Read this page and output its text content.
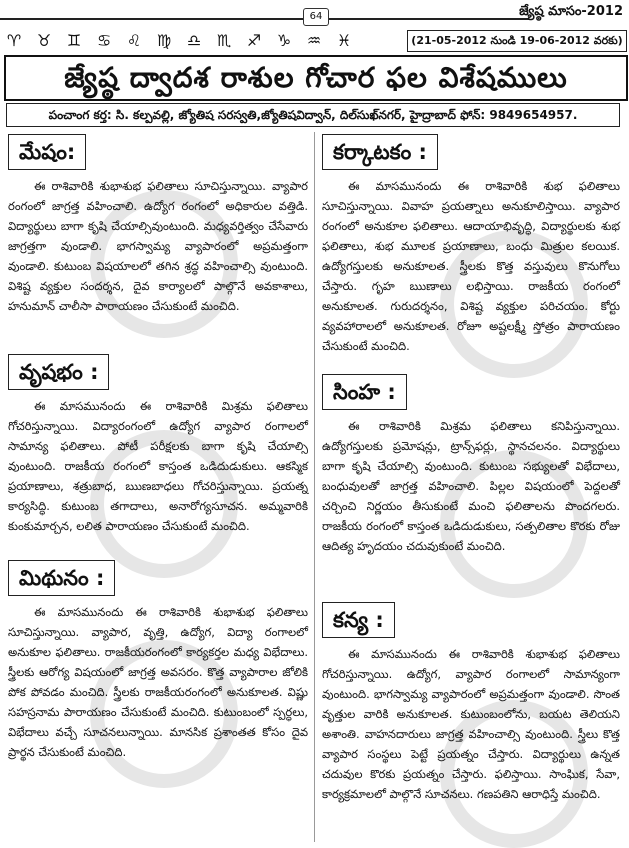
64	జ్యేష్ఠ మాసం-2012
♈ ♉ ♊ ♋ ♌ ♍ ♎ ♏ ♐ ♑ ♒ ♓	(21-05-2012 నుండి 19-06-2012 వరకు)
జ్యేష్ఠ ద్వాదశ రాశుల గోచార ఫల విశేషములు
పంచాంగ కర్త: సి. కల్పవల్లి, జ్యోతిష సరస్వతి,జ్యోతిషవిద్వాన్, దిల్‌సుఖ్‌నగర్, హైద్రాబాద్ ఫోన్: 9849654957.
మేషం:

ఈ రాశివారికి శుభాశుభ ఫలితాలు సూచిస్తున్నాయి. వ్యాపార రంగంలో జాగ్రత్త వహించాలి. ఉద్యోగ రంగంలో అధికారుల వత్తిడి. విద్యార్థులు బాగా కృషి చేయాల్సివుంటుంది. మధ్యవర్తిత్వం చేసేవారు జాగ్రత్తగా వుండాలి. భాగస్వామ్య వ్యాపారంలో అప్రమత్తంగా వుండాలి. కుటుంబ విషయాలలో తగిన శ్రద్ధ వహించాల్సి వుంటుంది. విశిష్ట వ్యక్తుల సందర్శన, దైవ కార్యాలలో పాల్గొనే అవకాశాలు, హనుమాన్ చాలీసా పారాయణం చేసుకుంటే మంచిది.

వృషభం :

ఈ మాసమునందు ఈ రాశివారికి మిశ్రమ ఫలితాలు గోచరిస్తున్నాయి. విద్యారంగంలో ఉద్యోగ వ్యాపార రంగాలలో సామాన్య ఫలితాలు. పోటీ పరీక్షలకు బాగా కృషి చేయాల్సి వుంటుంది. రాజకీయ రంగంలో కాస్తంత ఒడిదుడుకులు. ఆకస్మిక ప్రయాణాలు, శత్రుబాధ, ఋణబాధలు గోచరిస్తున్నాయి. ప్రయత్న కార్యసిద్ధి. కుటుంబ తగాదాలు, అనారోగ్యసూచన. అమ్మవారికి కుంకుమార్చన, లలిత పారాయణం చేసుకుంటే మంచిది.

మిథునం :

ఈ మాసమునందు ఈ రాశివారికి శుభాశుభ ఫలితాలు సూచిస్తున్నాయి. వ్యాపార, వృత్తి, ఉద్యోగ, విద్యా రంగాలలో అనుకూల ఫలితాలు. రాజకీయరంగంలో కార్యకర్తల మధ్య విభేదాలు. స్త్రీలకు ఆరోగ్య విషయంలో జాగ్రత్త అవసరం. కొత్త వ్యాపారాల జోలికి పోక పోవడం మంచిది. స్త్రీలకు రాజకీయరంగంలో అనుకూలత. విష్ణు సహస్రనామ పారాయణం చేసుకుంటే మంచిది. కుటుంబంలో స్పర్ధలు, విభేదాలు వచ్చే సూచనలున్నాయి. మానసిక ప్రశాంతత కోసం దైవ ప్రార్థన చేసుకుంటే మంచిది.

కర్కాటకం :

ఈ మాసమునందు ఈ రాశివారికి శుభ ఫలితాలు సూచిస్తున్నాయి. వివాహ ప్రయత్నాలు అనుకూలిస్తాయి. వ్యాపార రంగంలో అనుకూల ఫలితాలు. ఆదాయాభివృద్ధి, విద్యార్థులకు శుభ ఫలితాలు, శుభ మూలక ప్రయాణాలు, బంధు మిత్రుల కలయిక. ఉద్యోగస్తులకు అనుకూలత. స్త్రీలకు కొత్త వస్తువులు కొనుగోలు చేస్తారు. గృహ ఋణాలు లభిస్తాయి. రాజకీయ రంగంలో అనుకూలత. గురుదర్శనం, విశిష్ట వ్యక్తుల పరిచయం. కోర్టు వ్యవహారాలలో అనుకూలత. రోజూ అష్టలక్ష్మీ స్తోత్రం పారాయణం చేసుకుంటే మంచిది.

సింహ :

ఈ రాశివారికి మిశ్రమ ఫలితాలు కనిపిస్తున్నాయి. ఉద్యోగస్తులకు ప్రమోషన్లు, ట్రాన్స్‌ఫర్లు, స్థానచలనం. విద్యార్థులు బాగా కృషి చేయాల్సి వుంటుంది. కుటుంబ సభ్యులతో విభేదాలు, బంధువులతో జాగ్రత్త వహించాలి. పిల్లల విషయంలో పెద్దలతో చర్చించి నిర్ణయం తీసుకుంటే మంచి ఫలితాలను పొందగలరు. రాజకీయ రంగంలో కాస్తంత ఒడిదుడుకులు, సత్పలితాల కొరకు రోజు ఆదిత్య హృదయం చదువుకుంటే మంచిది.

కన్య :

ఈ మాసమునందు ఈ రాశివారికి శుభాశుభ ఫలితాలు గోచరిస్తున్నాయి. ఉద్యోగ, వ్యాపార రంగాలలో సామాన్యంగా వుంటుంది. భాగస్వామ్య వ్యాపారంలో అప్రమత్తంగా వుండాలి. సొంత వృత్తుల వారికి అనుకూలత. కుటుంబంలోను, బయట తెలియని అశాంతి. వాహనదారులు జాగ్రత్త వహించాల్సి వుంటుంది. స్త్రీలు కొత్త వ్యాపార సంస్థలు పెట్టే ప్రయత్నం చేస్తారు. విద్యార్థులు ఉన్నత చదువుల కొరకు ప్రయత్నం చేస్తారు. ఫలిస్తాయి. సాంఘిక, సేవా, కార్యక్రమాలలో పాల్గొనే సూచనలు. గణపతిని ఆరాధిస్తే మంచిది.
